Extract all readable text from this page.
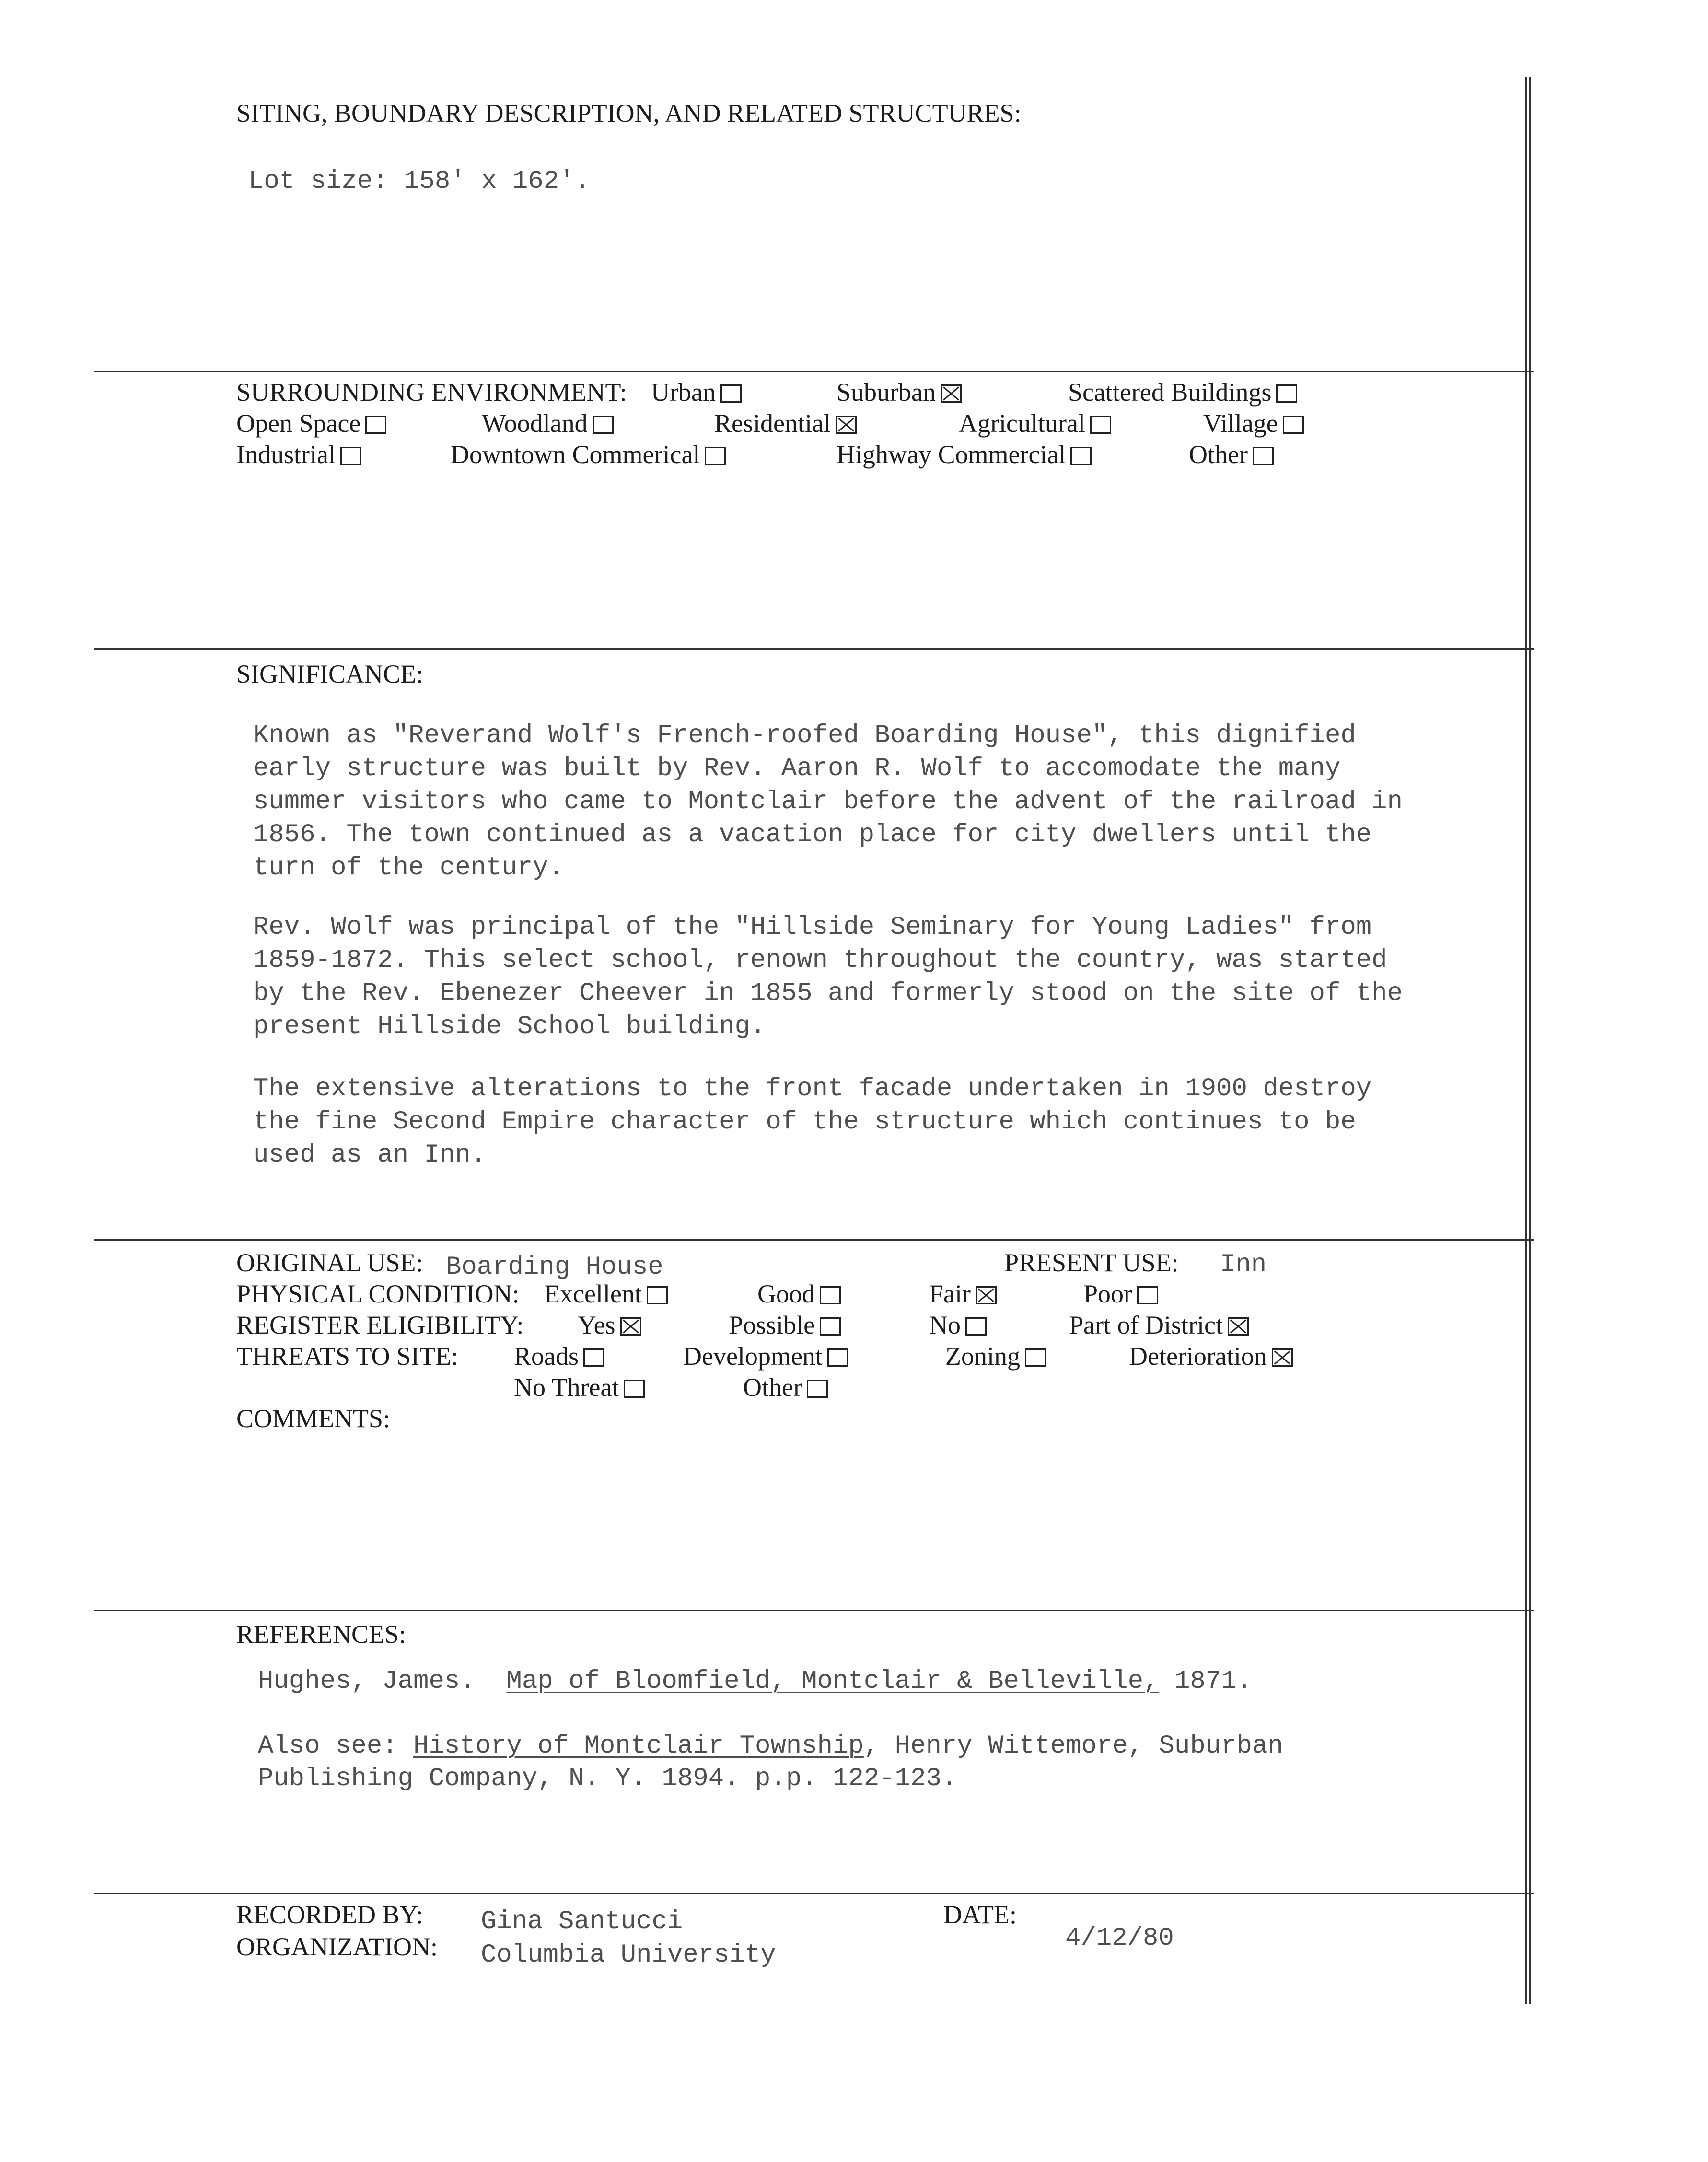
SITING, BOUNDARY DESCRIPTION, AND RELATED STRUCTURES:
Lot size: 158' x 162'.
SURROUNDING ENVIRONMENT: Urban	Suburban	Scattered Buildings
Open Space	Woodland	Residential	Agricultural	Village
Industrial	Downtown Commerical	Highway Commercial	Other
SIGNIFICANCE:
Known as "Reverand Wolf's French-roofed Boarding House", this dignified
early structure was built by Rev. Aaron R. Wolf to accomodate the many
summer visitors who came to Montclair before the advent of the railroad in
1856. The town continued as a vacation place for city dwellers until the
turn of the century.
Rev. Wolf was principal of the "Hillside Seminary for Young Ladies" from
1859-1872. This select school, renown throughout the country, was started
by the Rev. Ebenezer Cheever in 1855 and formerly stood on the site of the
present Hillside School building.
The extensive alterations to the front facade undertaken in 1900 destroy
the fine Second Empire character of the structure which continues to be
used as an Inn.
ORIGINAL USE: Boarding House	PRESENT USE: Inn
PHYSICAL CONDITION: Excellent	Good	Fair	Poor
REGISTER ELIGIBILITY: Yes	Possible	No	Part of District
THREATS TO SITE: Roads	Development	Zoning	Deterioration
No Threat	Other
COMMENTS:
REFERENCES:
Hughes, James. Map of Bloomfield, Montclair & Belleville, 1871.
Also see: History of Montclair Township, Henry Wittemore, Suburban
Publishing Company, N. Y. 1894. p.p. 122-123.
RECORDED BY: Gina Santucci
ORGANIZATION: Columbia University
DATE:
4/12/80
